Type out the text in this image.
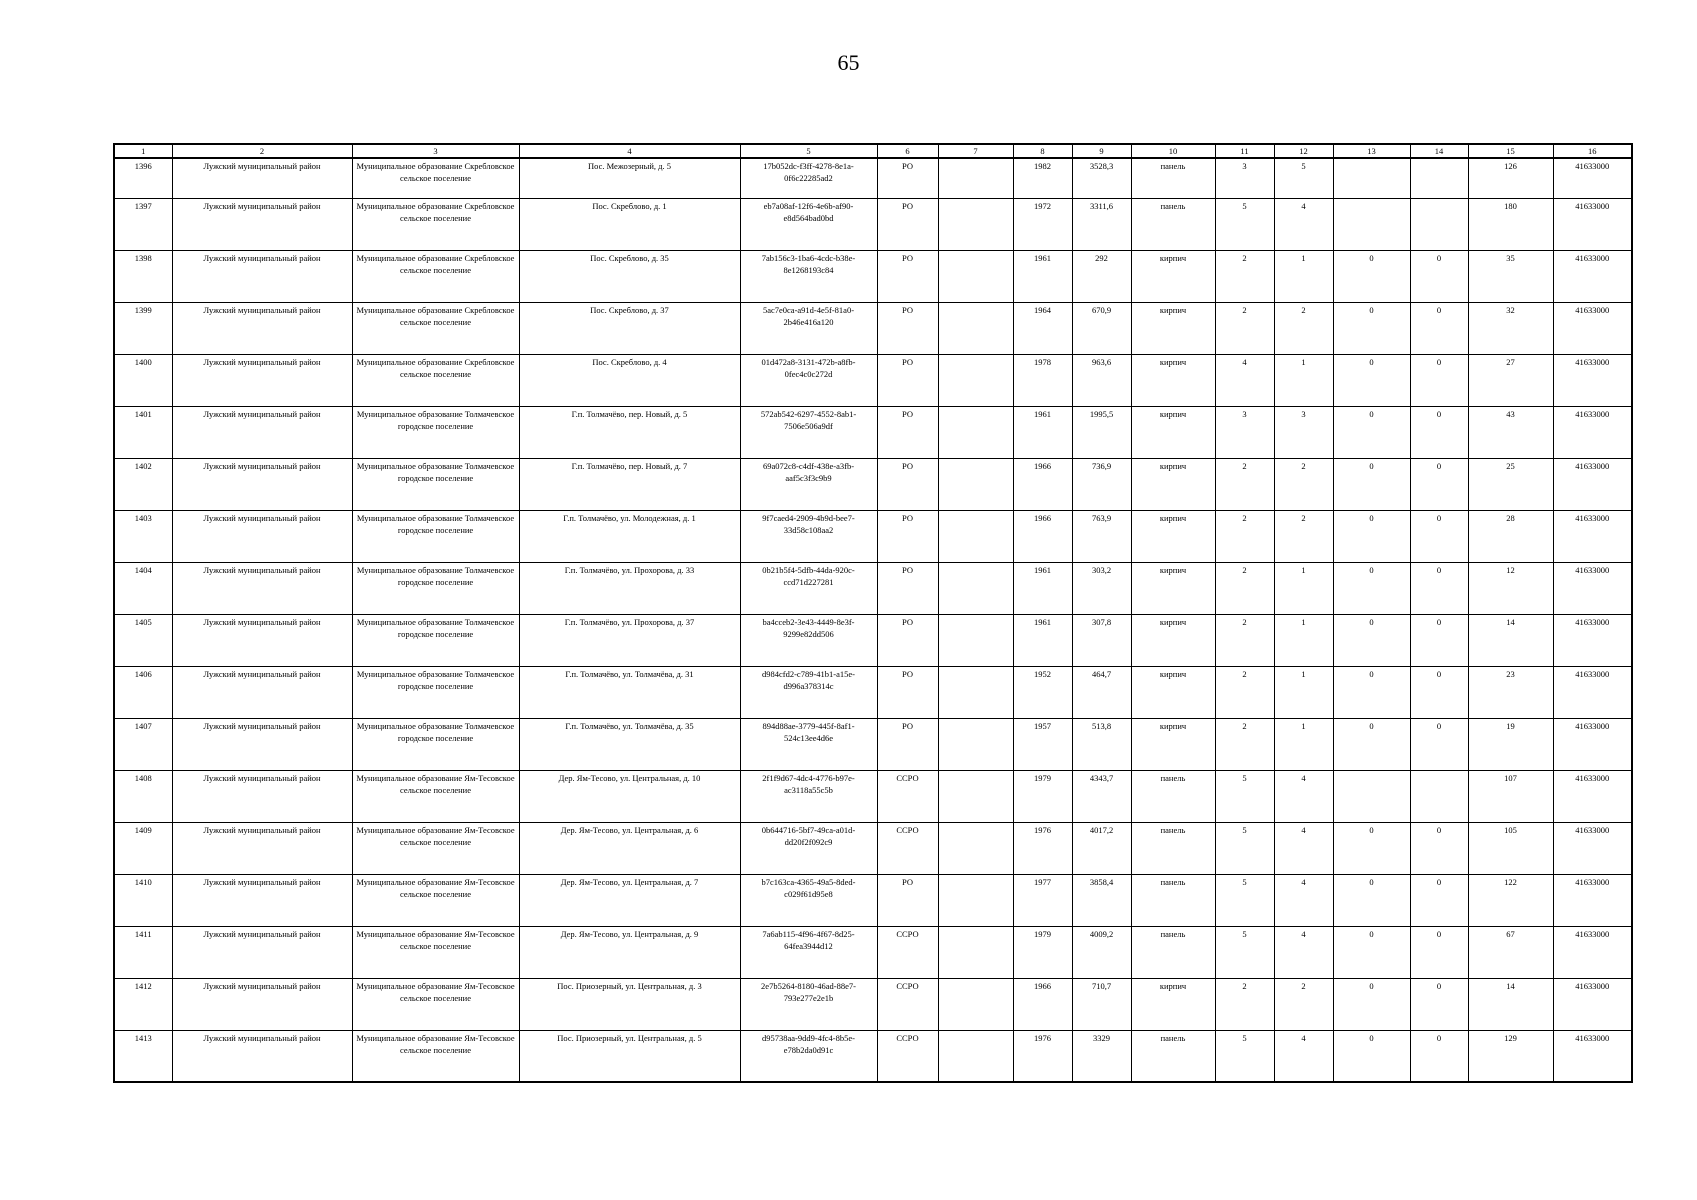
65
1	2	3	4	5	6	7	8	9	10	11	12	13	14	15	16
1396	Лужский муниципальный район	Муниципальное образование Скребловское сельское поселение	Пос. Межозерный, д. 5	17b052dc-f3ff-4278-8e1a-0f6c22285ad2	РО		1982	3528,3	панель	3	5			126	41633000
1397	Лужский муниципальный район	Муниципальное образование Скребловское сельское поселение	Пос. Скреблово, д. 1	eb7a08af-12f6-4e6b-af90-e8d564bad0bd	РО		1972	3311,6	панель	5	4			180	41633000
1398	Лужский муниципальный район	Муниципальное образование Скребловское сельское поселение	Пос. Скреблово, д. 35	7ab156c3-1ba6-4cdc-b38e-8e1268193c84	РО		1961	292	кирпич	2	1	0	0	35	41633000
1399	Лужский муниципальный район	Муниципальное образование Скребловское сельское поселение	Пос. Скреблово, д. 37	5ac7e0ca-a91d-4e5f-81a0-2b46e416a120	РО		1964	670,9	кирпич	2	2	0	0	32	41633000
1400	Лужский муниципальный район	Муниципальное образование Скребловское сельское поселение	Пос. Скреблово, д. 4	01d472a8-3131-472b-a8fb-0fec4c0c272d	РО		1978	963,6	кирпич	4	1	0	0	27	41633000
1401	Лужский муниципальный район	Муниципальное образование Толмачевское городское поселение	Г.п. Толмачёво, пер. Новый, д. 5	572ab542-6297-4552-8ab1-7506e506a9df	РО		1961	1995,5	кирпич	3	3	0	0	43	41633000
1402	Лужский муниципальный район	Муниципальное образование Толмачевское городское поселение	Г.п. Толмачёво, пер. Новый, д. 7	69a072c8-c4df-438e-a3fb-aaf5c3f3c9b9	РО		1966	736,9	кирпич	2	2	0	0	25	41633000
1403	Лужский муниципальный район	Муниципальное образование Толмачевское городское поселение	Г.п. Толмачёво, ул. Молодежная, д. 1	9f7caed4-2909-4b9d-bee7-33d58c108aa2	РО		1966	763,9	кирпич	2	2	0	0	28	41633000
1404	Лужский муниципальный район	Муниципальное образование Толмачевское городское поселение	Г.п. Толмачёво, ул. Прохорова, д. 33	0b21b5f4-5dfb-44da-920c-ccd71d227281	РО		1961	303,2	кирпич	2	1	0	0	12	41633000
1405	Лужский муниципальный район	Муниципальное образование Толмачевское городское поселение	Г.п. Толмачёво, ул. Прохорова, д. 37	ba4cceb2-3e43-4449-8e3f-9299e82dd506	РО		1961	307,8	кирпич	2	1	0	0	14	41633000
1406	Лужский муниципальный район	Муниципальное образование Толмачевское городское поселение	Г.п. Толмачёво, ул. Толмачёва, д. 31	d984cfd2-c789-41b1-a15e-d996a378314c	РО		1952	464,7	кирпич	2	1	0	0	23	41633000
1407	Лужский муниципальный район	Муниципальное образование Толмачевское городское поселение	Г.п. Толмачёво, ул. Толмачёва, д. 35	894d88ae-3779-445f-8af1-524c13ee4d6e	РО		1957	513,8	кирпич	2	1	0	0	19	41633000
1408	Лужский муниципальный район	Муниципальное образование Ям-Тесовское сельское поселение	Дер. Ям-Тесово, ул. Центральная, д. 10	2f1f9d67-4dc4-4776-b97e-ac3118a55c5b	ССРО		1979	4343,7	панель	5	4			107	41633000
1409	Лужский муниципальный район	Муниципальное образование Ям-Тесовское сельское поселение	Дер. Ям-Тесово, ул. Центральная, д. 6	0b644716-5bf7-49ca-a01d-dd20f2f092c9	ССРО		1976	4017,2	панель	5	4	0	0	105	41633000
1410	Лужский муниципальный район	Муниципальное образование Ям-Тесовское сельское поселение	Дер. Ям-Тесово, ул. Центральная, д. 7	b7c163ca-4365-49a5-8ded-c029f61d95e8	РО		1977	3858,4	панель	5	4	0	0	122	41633000
1411	Лужский муниципальный район	Муниципальное образование Ям-Тесовское сельское поселение	Дер. Ям-Тесово, ул. Центральная, д. 9	7a6ab115-4f96-4f67-8d25-64fea3944d12	ССРО		1979	4009,2	панель	5	4	0	0	67	41633000
1412	Лужский муниципальный район	Муниципальное образование Ям-Тесовское сельское поселение	Пос. Приозерный, ул. Центральная, д. 3	2e7b5264-8180-46ad-88e7-793e277e2e1b	ССРО		1966	710,7	кирпич	2	2	0	0	14	41633000
1413	Лужский муниципальный район	Муниципальное образование Ям-Тесовское сельское поселение	Пос. Приозерный, ул. Центральная, д. 5	d95738aa-9dd9-4fc4-8b5e-e78b2da0d91c	ССРО		1976	3329	панель	5	4	0	0	129	41633000
